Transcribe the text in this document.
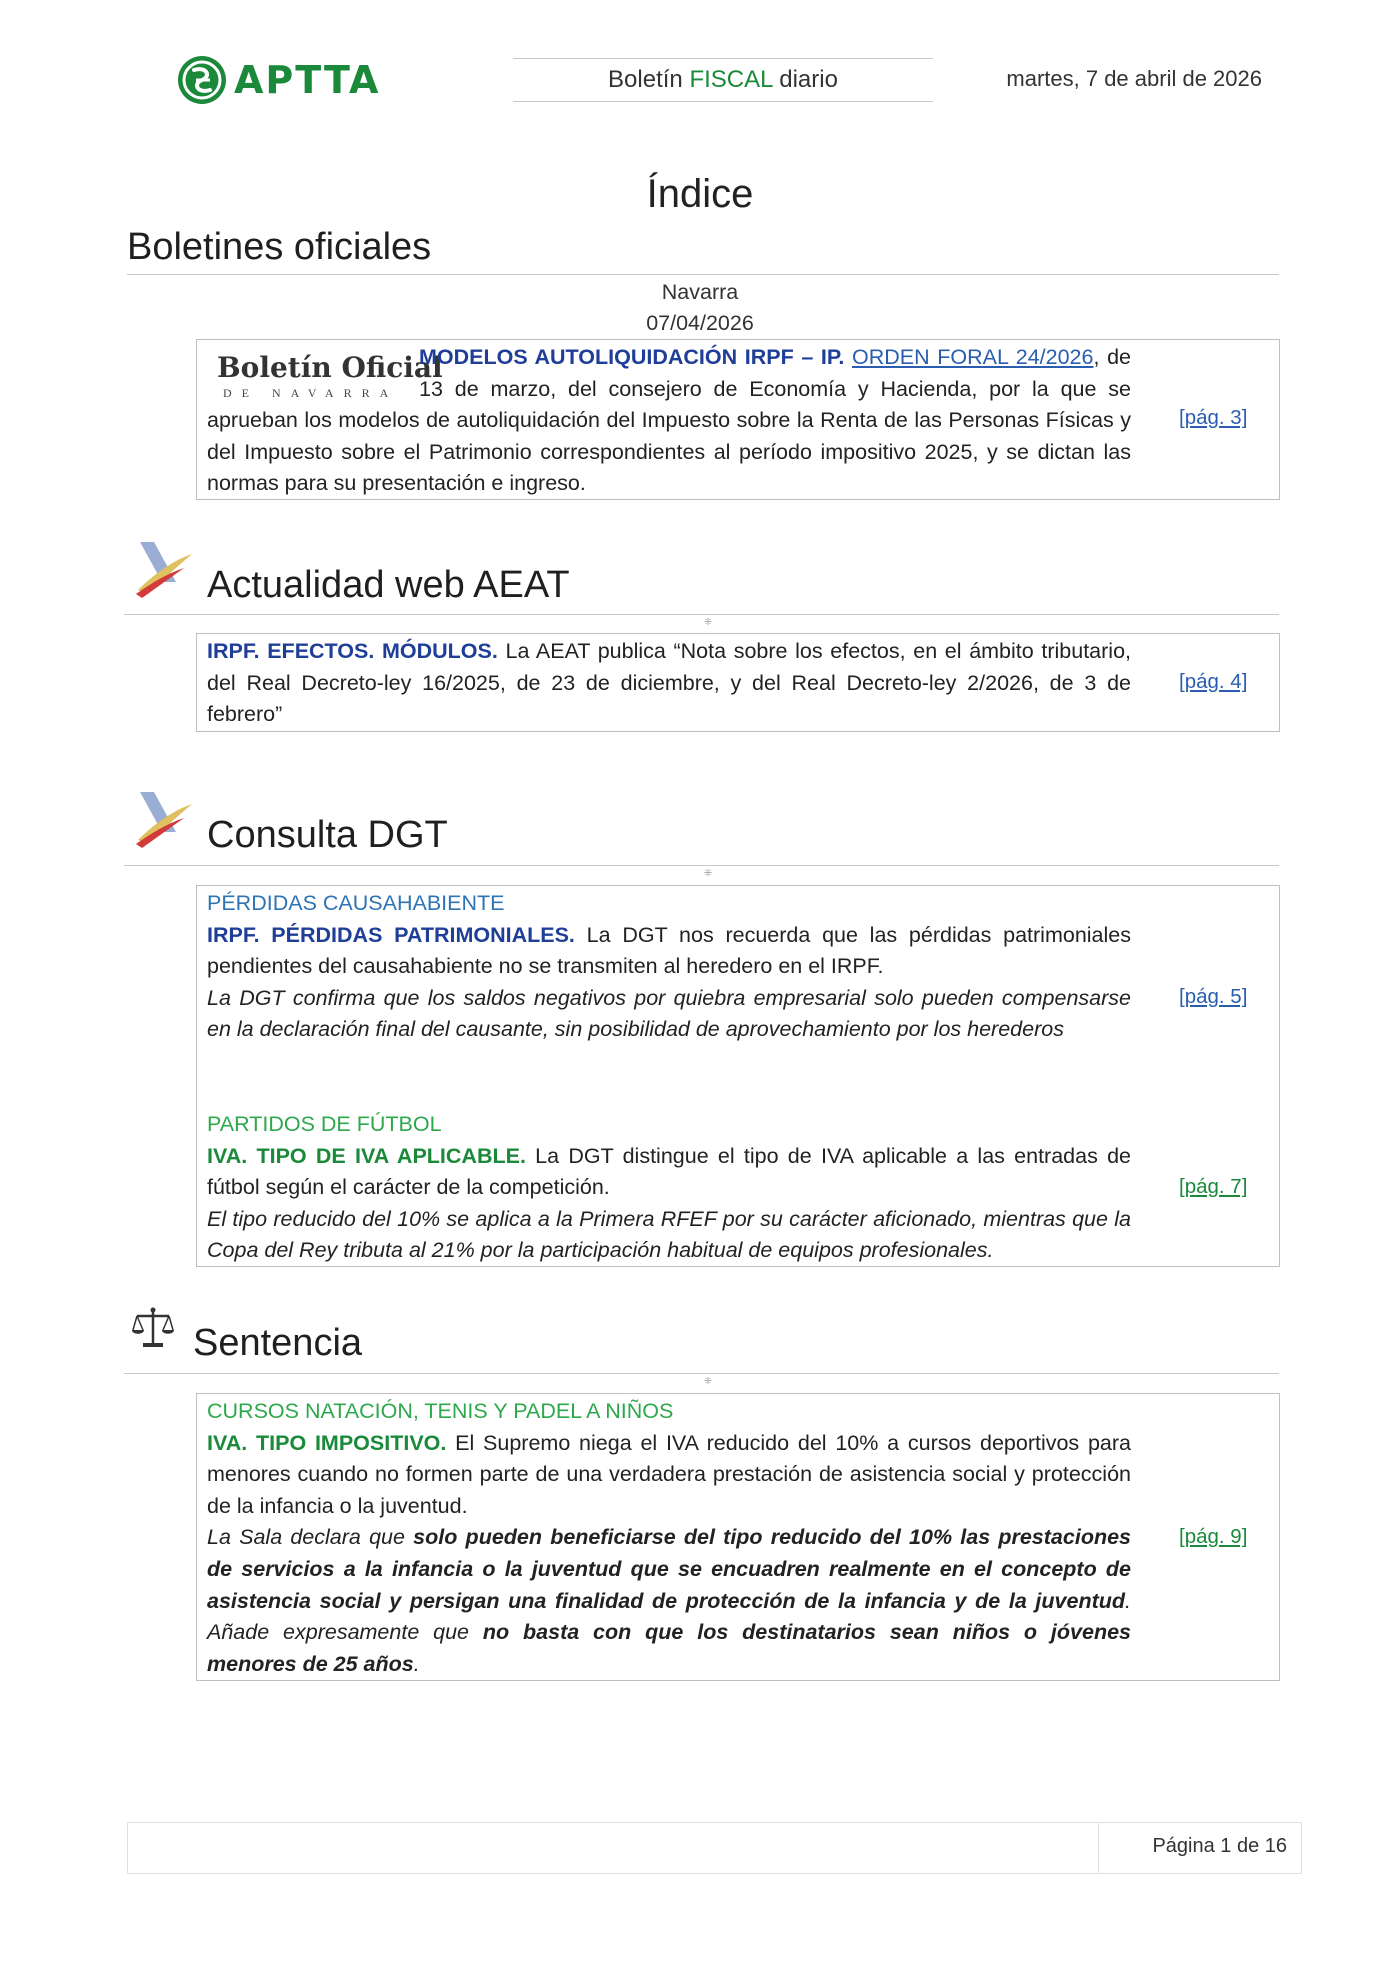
APTTA	Boletín FISCAL diario	martes, 7 de abril de 2026
Índice
Boletines oficiales
Navarra
07/04/2026
Boletín Oficial
DE NAVARRA
MODELOS AUTOLIQUIDACIÓN IRPF – IP. ORDEN FORAL 24/2026, de 13 de marzo, del consejero de Economía y Hacienda, por la que se aprueban los modelos de autoliquidación del Impuesto sobre la Renta de las Personas Físicas y del Impuesto sobre el Patrimonio correspondientes al período impositivo 2025, y se dictan las normas para su presentación e ingreso.
[pág. 3]
Actualidad web AEAT
⁜
IRPF. EFECTOS. MÓDULOS. La AEAT publica “Nota sobre los efectos, en el ámbito tributario, del Real Decreto-ley 16/2025, de 23 de diciembre, y del Real Decreto-ley 2/2026, de 3 de febrero”
[pág. 4]
Consulta DGT
⁜
PÉRDIDAS CAUSAHABIENTE
IRPF. PÉRDIDAS PATRIMONIALES. La DGT nos recuerda que las pérdidas patrimoniales pendientes del causahabiente no se transmiten al heredero en el IRPF.
La DGT confirma que los saldos negativos por quiebra empresarial solo pueden compensarse en la declaración final del causante, sin posibilidad de aprovechamiento por los herederos
[pág. 5]
PARTIDOS DE FÚTBOL
IVA. TIPO DE IVA APLICABLE. La DGT distingue el tipo de IVA aplicable a las entradas de fútbol según el carácter de la competición.
El tipo reducido del 10% se aplica a la Primera RFEF por su carácter aficionado, mientras que la Copa del Rey tributa al 21% por la participación habitual de equipos profesionales.
[pág. 7]
Sentencia
⁜
CURSOS NATACIÓN, TENIS Y PADEL A NIÑOS
IVA. TIPO IMPOSITIVO. El Supremo niega el IVA reducido del 10% a cursos deportivos para menores cuando no formen parte de una verdadera prestación de asistencia social y protección de la infancia o la juventud.
La Sala declara que solo pueden beneficiarse del tipo reducido del 10% las prestaciones de servicios a la infancia o la juventud que se encuadren realmente en el concepto de asistencia social y persigan una finalidad de protección de la infancia y de la juventud. Añade expresamente que no basta con que los destinatarios sean niños o jóvenes menores de 25 años.
[pág. 9]
Página 1 de 16
